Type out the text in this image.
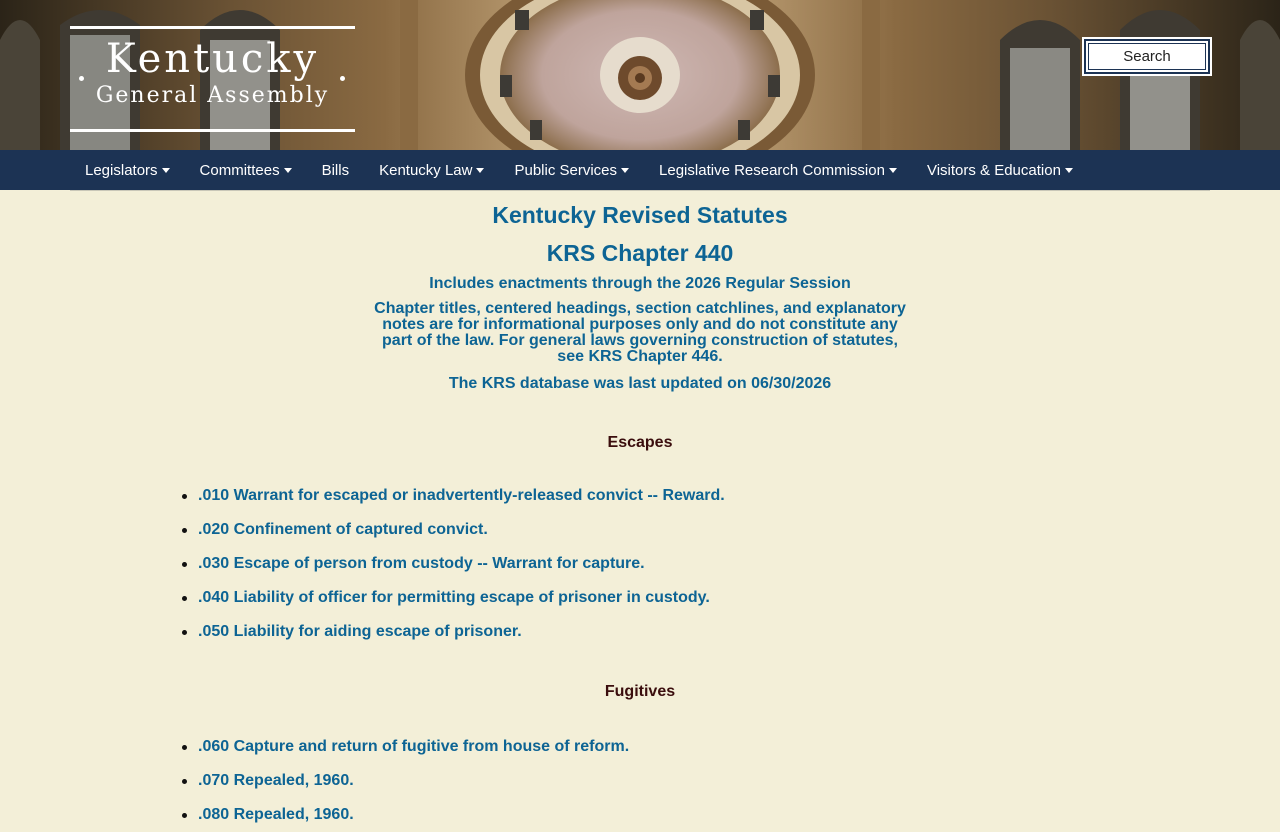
Kentucky
General Assembly
Search
Legislators	Committees	Bills Kentucky Law	Public Services	Legislative Research Commission	Visitors & Education
Kentucky Revised Statutes
KRS Chapter 440
Includes enactments through the 2026 Regular Session
Chapter titles, centered headings, section catchlines, and explanatory notes are for informational purposes only and do not constitute any part of the law. For general laws governing construction of statutes, see KRS Chapter 446.
The KRS database was last updated on 06/30/2026
Escapes
.010 Warrant for escaped or inadvertently-released convict -- Reward.
.020 Confinement of captured convict.
.030 Escape of person from custody -- Warrant for capture.
.040 Liability of officer for permitting escape of prisoner in custody.
.050 Liability for aiding escape of prisoner.
Fugitives
.060 Capture and return of fugitive from house of reform.
.070 Repealed, 1960.
.080 Repealed, 1960.
